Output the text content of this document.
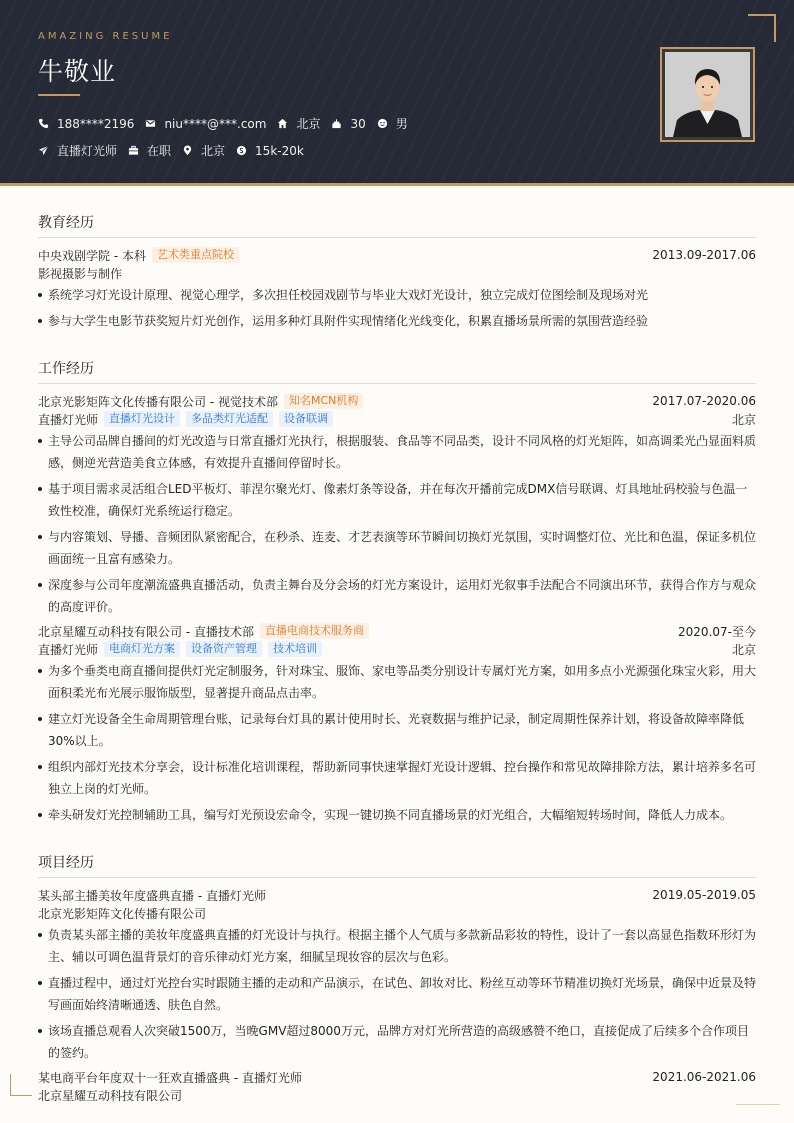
AMAZING RESUME
牛敬业
188****2196	niu****@***.com	北京	30	男
直播灯光师	在职	北京	15k-20k
教育经历
中央戏剧学院 - 本科	艺术类重点院校	2013.09-2017.06
影视摄影与制作
系统学习灯光设计原理、视觉心理学，多次担任校园戏剧节与毕业大戏灯光设计，独立完成灯位图绘制及现场对光
参与大学生电影节获奖短片灯光创作，运用多种灯具附件实现情绪化光线变化，积累直播场景所需的氛围营造经验
工作经历
北京光影矩阵文化传播有限公司 - 视觉技术部	知名MCN机构	2017.07-2020.06
直播灯光师	直播灯光设计	多品类灯光适配	设备联调	北京
主导公司品牌自播间的灯光改造与日常直播灯光执行，根据服装、食品等不同品类，设计不同风格的灯光矩阵，如高调柔光凸显面料质感，侧逆光营造美食立体感，有效提升直播间停留时长。
基于项目需求灵活组合LED平板灯、菲涅尔聚光灯、像素灯条等设备，并在每次开播前完成DMX信号联调、灯具地址码校验与色温一致性校准，确保灯光系统运行稳定。
与内容策划、导播、音频团队紧密配合，在秒杀、连麦、才艺表演等环节瞬间切换灯光氛围，实时调整灯位、光比和色温，保证多机位画面统一且富有感染力。
深度参与公司年度潮流盛典直播活动，负责主舞台及分会场的灯光方案设计，运用灯光叙事手法配合不同演出环节，获得合作方与观众的高度评价。
北京星耀互动科技有限公司 - 直播技术部	直播电商技术服务商	2020.07-至今
直播灯光师	电商灯光方案	设备资产管理	技术培训	北京
为多个垂类电商直播间提供灯光定制服务，针对珠宝、服饰、家电等品类分别设计专属灯光方案，如用多点小光源强化珠宝火彩，用大面积柔光布光展示服饰版型，显著提升商品点击率。
建立灯光设备全生命周期管理台账，记录每台灯具的累计使用时长、光衰数据与维护记录，制定周期性保养计划，将设备故障率降低30%以上。
组织内部灯光技术分享会，设计标准化培训课程，帮助新同事快速掌握灯光设计逻辑、控台操作和常见故障排除方法，累计培养多名可独立上岗的灯光师。
牵头研发灯光控制辅助工具，编写灯光预设宏命令，实现一键切换不同直播场景的灯光组合，大幅缩短转场时间，降低人力成本。
项目经历
某头部主播美妆年度盛典直播 - 直播灯光师	2019.05-2019.05
北京光影矩阵文化传播有限公司
负责某头部主播的美妆年度盛典直播的灯光设计与执行。根据主播个人气质与多款新品彩妆的特性，设计了一套以高显色指数环形灯为主、辅以可调色温背景灯的音乐律动灯光方案，细腻呈现妆容的层次与色彩。
直播过程中，通过灯光控台实时跟随主播的走动和产品演示，在试色、卸妆对比、粉丝互动等环节精准切换灯光场景，确保中近景及特写画面始终清晰通透、肤色自然。
该场直播总观看人次突破1500万，当晚GMV超过8000万元，品牌方对灯光所营造的高级感赞不绝口，直接促成了后续多个合作项目的签约。
某电商平台年度双十一狂欢直播盛典 - 直播灯光师	2021.06-2021.06
北京星耀互动科技有限公司
